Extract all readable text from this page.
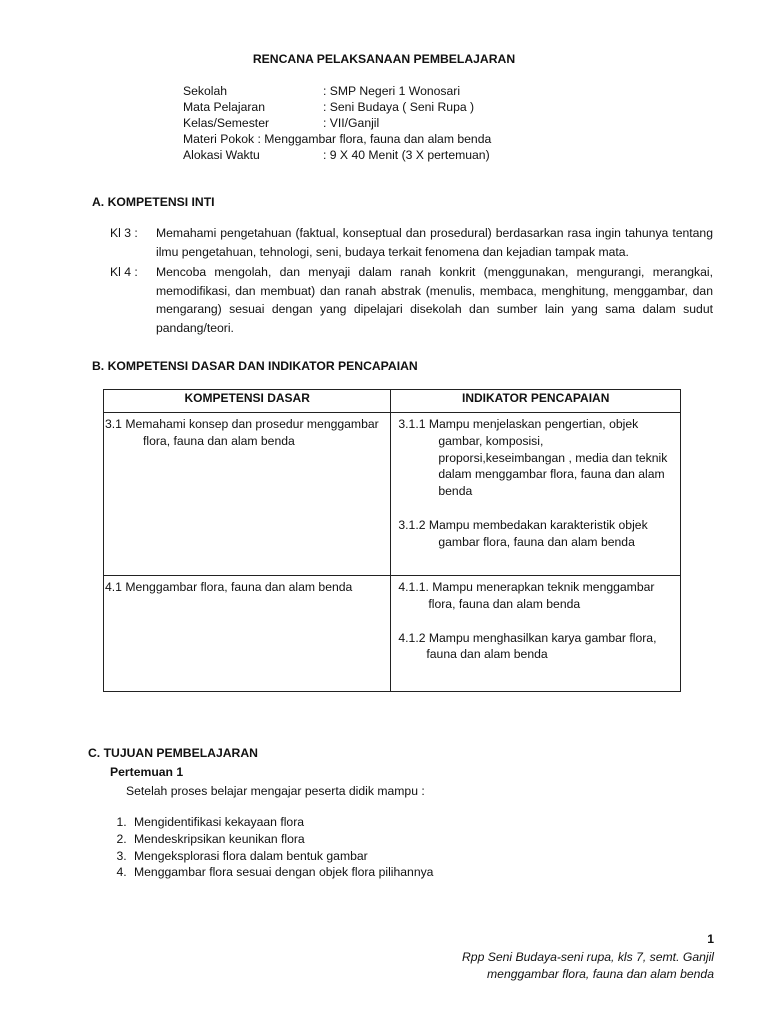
RENCANA PELAKSANAAN PEMBELAJARAN
Sekolah	: SMP Negeri 1 Wonosari
Mata Pelajaran	: Seni Budaya ( Seni Rupa )
Kelas/Semester	: VII/Ganjil
Materi Pokok : Menggambar flora, fauna dan alam benda
Alokasi Waktu	: 9 X 40 Menit (3 X pertemuan)
A. KOMPETENSI INTI
Kl 3 :	Memahami pengetahuan (faktual, konseptual dan prosedural) berdasarkan rasa ingin tahunya tentang ilmu pengetahuan, tehnologi, seni, budaya terkait fenomena dan kejadian tampak mata.
Kl 4 :	Mencoba mengolah, dan menyaji dalam ranah konkrit (menggunakan, mengurangi, merangkai, memodifikasi, dan membuat) dan ranah abstrak (menulis, membaca, menghitung, menggambar, dan mengarang) sesuai dengan yang dipelajari disekolah dan sumber lain yang sama dalam sudut pandang/teori.
B. KOMPETENSI DASAR DAN INDIKATOR PENCAPAIAN
KOMPETENSI DASAR	INDIKATOR PENCAPAIAN

3.1 Memahami konsep dan prosedur menggambar flora, fauna dan alam benda	3.1.1 Mampu menjelaskan pengertian, objek gambar, komposisi, proporsi,keseimbangan , media dan teknik dalam menggambar flora, fauna dan alam benda
3.1.2 Mampu membedakan karakteristik objek gambar flora, fauna dan alam benda

4.1 Menggambar flora, fauna dan alam benda	4.1.1. Mampu menerapkan teknik menggambar flora, fauna dan alam benda
4.1.2 Mampu menghasilkan karya gambar flora, fauna dan alam benda
C. TUJUAN PEMBELAJARAN
Pertemuan 1
Setelah proses belajar mengajar peserta didik mampu :
1. Mengidentifikasi kekayaan flora
2. Mendeskripsikan keunikan flora
3. Mengeksplorasi flora dalam bentuk gambar
4. Menggambar flora sesuai dengan objek flora pilihannya
1
Rpp Seni Budaya-seni rupa, kls 7, semt. Ganjil
menggambar flora, fauna dan alam benda
